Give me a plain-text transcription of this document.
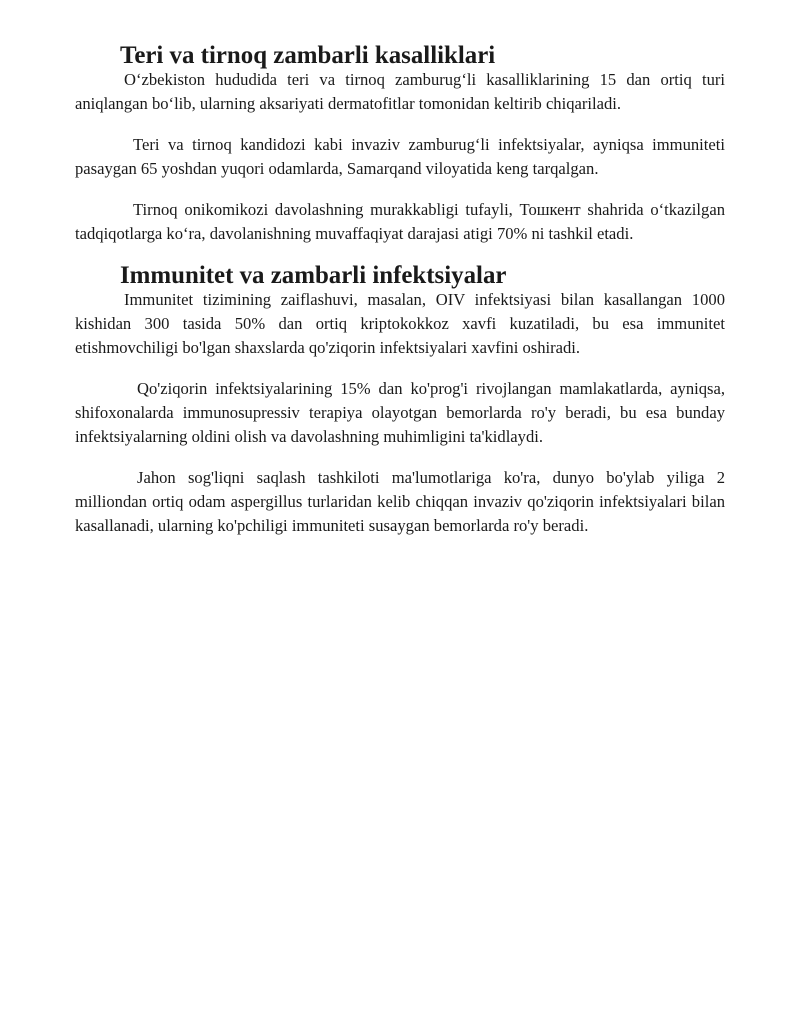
Teri va tirnoq zambarli kasalliklari

O‘zbekiston hududida teri va tirnoq zamburug‘li kasalliklarining 15 dan ortiq turi aniqlangan bo‘lib, ularning aksariyati dermatofitlar tomonidan keltirib chiqariladi.

Teri va tirnoq kandidozi kabi invaziv zamburug‘li infektsiyalar, ayniqsa immuniteti pasaygan 65 yoshdan yuqori odamlarda, Samarqand viloyatida keng tarqalgan.

Tirnoq onikomikozi davolashning murakkabligi tufayli, Тошкент shahrida o‘tkazilgan tadqiqotlarga ko‘ra, davolanishning muvaffaqiyat darajasi atigi 70% ni tashkil etadi.

Immunitet va zambarli infektsiyalar

Immunitet tizimining zaiflashuvi, masalan, OIV infektsiyasi bilan kasallangan 1000 kishidan 300 tasida 50% dan ortiq kriptokokkoz xavfi kuzatiladi, bu esa immunitet etishmovchiligi bo'lgan shaxslarda qo'ziqorin infektsiyalari xavfini oshiradi.

Qo'ziqorin infektsiyalarining 15% dan ko'prog'i rivojlangan mamlakatlarda, ayniqsa, shifoxonalarda immunosupressiv terapiya olayotgan bemorlarda ro'y beradi, bu esa bunday infektsiyalarning oldini olish va davolashning muhimligini ta'kidlaydi.

Jahon sog'liqni saqlash tashkiloti ma'lumotlariga ko'ra, dunyo bo'ylab yiliga 2 milliondan ortiq odam aspergillus turlaridan kelib chiqqan invaziv qo'ziqorin infektsiyalari bilan kasallanadi, ularning ko'pchiligi immuniteti susaygan bemorlarda ro'y beradi.
